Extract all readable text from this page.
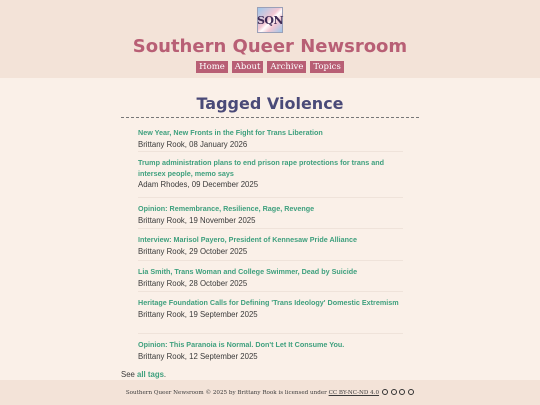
SQN
Southern Queer Newsroom
Home	About	Archive	Topics
Tagged Violence
New Year, New Fronts in the Fight for Trans Liberation
Brittany Rook, 08 January 2026
Trump administration plans to end prison rape protections for trans and intersex people, memo says
Adam Rhodes, 09 December 2025
Opinion: Remembrance, Resilience, Rage, Revenge
Brittany Rook, 19 November 2025
Interview: Marisol Payero, President of Kennesaw Pride Alliance
Brittany Rook, 29 October 2025
Lia Smith, Trans Woman and College Swimmer, Dead by Suicide
Brittany Rook, 28 October 2025
Heritage Foundation Calls for Defining 'Trans Ideology' Domestic Extremism
Brittany Rook, 19 September 2025
Opinion: This Paranoia is Normal. Don't Let It Consume You.
Brittany Rook, 12 September 2025
See all tags.
Southern Queer Newsroom © 2025 by Brittany Rook is licensed under CC BY-NC-ND 4.0
